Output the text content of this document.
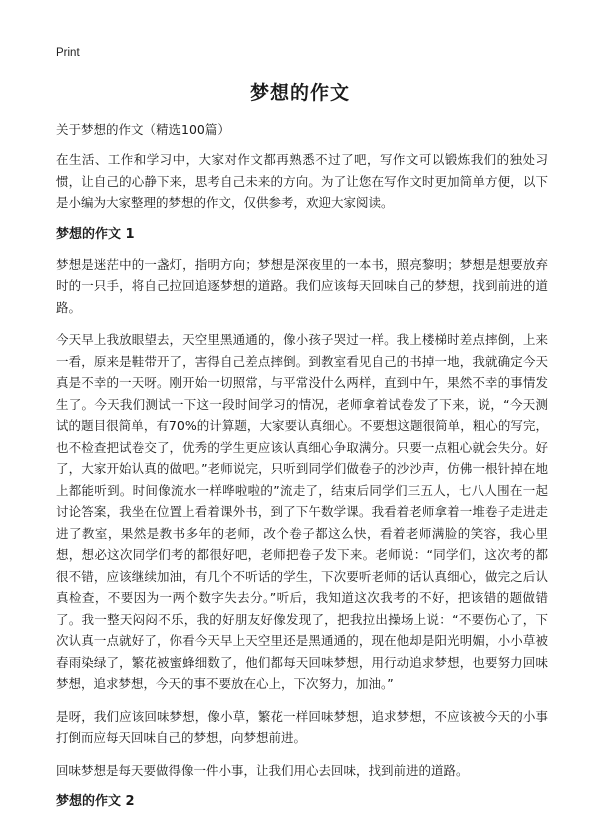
Print
梦想的作文
关于梦想的作文（精选100篇）

在生活、工作和学习中，大家对作文都再熟悉不过了吧，写作文可以锻炼我们的独处习惯，让自己的心静下来，思考自己未来的方向。为了让您在写作文时更加简单方便，以下是小编为大家整理的梦想的作文，仅供参考，欢迎大家阅读。

梦想的作文 1

梦想是迷茫中的一盏灯，指明方向；梦想是深夜里的一本书，照亮黎明；梦想是想要放弃时的一只手，将自己拉回追逐梦想的道路。我们应该每天回味自己的梦想，找到前进的道路。

今天早上我放眼望去，天空里黑通通的，像小孩子哭过一样。我上楼梯时差点摔倒，上来一看，原来是鞋带开了，害得自己差点摔倒。到教室看见自己的书掉一地，我就确定今天真是不幸的一天呀。刚开始一切照常，与平常没什么两样，直到中午，果然不幸的事情发生了。今天我们测试一下这一段时间学习的情况，老师拿着试卷发了下来，说，“今天测试的题目很简单，有70%的计算题，大家要认真细心。不要想这题很简单，粗心的写完，也不检查把试卷交了，优秀的学生更应该认真细心争取满分。只要一点粗心就会失分。好了，大家开始认真的做吧。”老师说完，只听到同学们做卷子的沙沙声，仿佛一根针掉在地上都能听到。时间像流水一样哗啦啦的”流走了，结束后同学们三五人，七八人围在一起讨论答案，我坐在位置上看着课外书，到了下午数学课。我看着老师拿着一堆卷子走进走进了教室，果然是教书多年的老师，改个卷子都这么快，看着老师满脸的笑容，我心里想，想必这次同学们考的都很好吧，老师把卷子发下来。老师说：“同学们，这次考的都很不错，应该继续加油，有几个不听话的学生，下次要听老师的话认真细心，做完之后认真检查，不要因为一两个数字失去分。”听后，我知道这次我考的不好，把该错的题做错了。我一整天闷闷不乐，我的好朋友好像发现了，把我拉出操场上说：“不要伤心了，下次认真一点就好了，你看今天早上天空里还是黑通通的，现在他却是阳光明媚，小小草被春雨染绿了，繁花被蜜蜂细数了，他们都每天回味梦想，用行动追求梦想，也要努力回味梦想，追求梦想，今天的事不要放在心上，下次努力，加油。”

是呀，我们应该回味梦想，像小草，繁花一样回味梦想，追求梦想，不应该被今天的小事打倒而应每天回味自己的梦想，向梦想前进。

回味梦想是每天要做得像一件小事，让我们用心去回味，找到前进的道路。

梦想的作文 2
